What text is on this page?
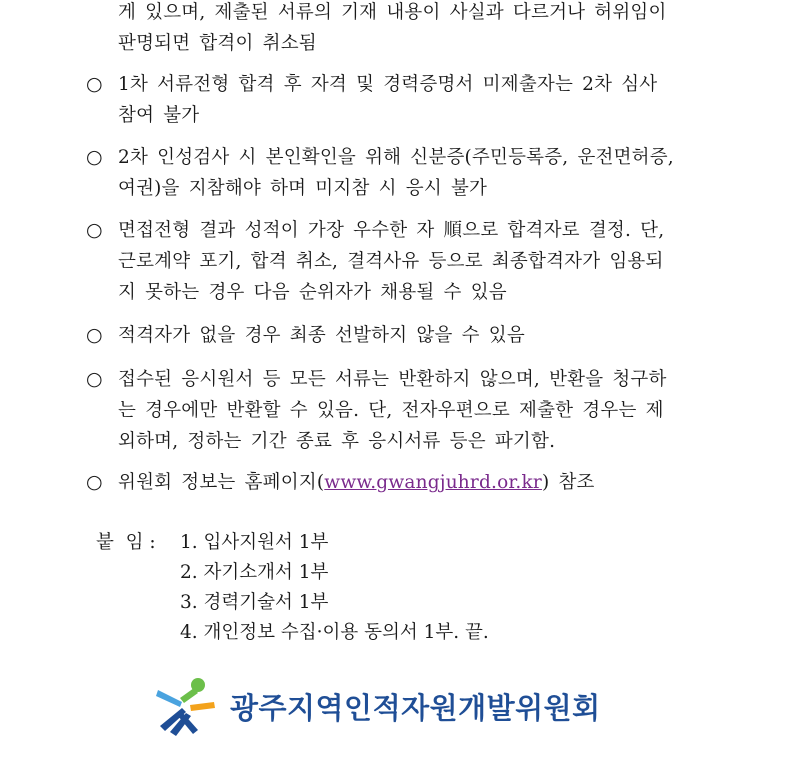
게 있으며, 제출된 서류의 기재 내용이 사실과 다르거나 허위임이
판명되면 합격이 취소됨
○ 1차 서류전형 합격 후 자격 및 경력증명서 미제출자는 2차 심사
참여 불가
○ 2차 인성검사 시 본인확인을 위해 신분증(주민등록증, 운전면허증,
여권)을 지참해야 하며 미지참 시 응시 불가
○ 면접전형 결과 성적이 가장 우수한 자 順으로 합격자로 결정. 단,
근로계약 포기, 합격 취소, 결격사유 등으로 최종합격자가 임용되
지 못하는 경우 다음 순위자가 채용될 수 있음
○ 적격자가 없을 경우 최종 선발하지 않을 수 있음
○ 접수된 응시원서 등 모든 서류는 반환하지 않으며, 반환을 청구하
는 경우에만 반환할 수 있음. 단, 전자우편으로 제출한 경우는 제
외하며, 정하는 기간 종료 후 응시서류 등은 파기함.
○ 위원회 정보는 홈페이지(www.gwangjuhrd.or.kr) 참조
붙  임 : 1. 입사지원서 1부
2. 자기소개서 1부
3. 경력기술서 1부
4. 개인정보 수집·이용 동의서 1부. 끝.
광주지역인적자원개발위원회
